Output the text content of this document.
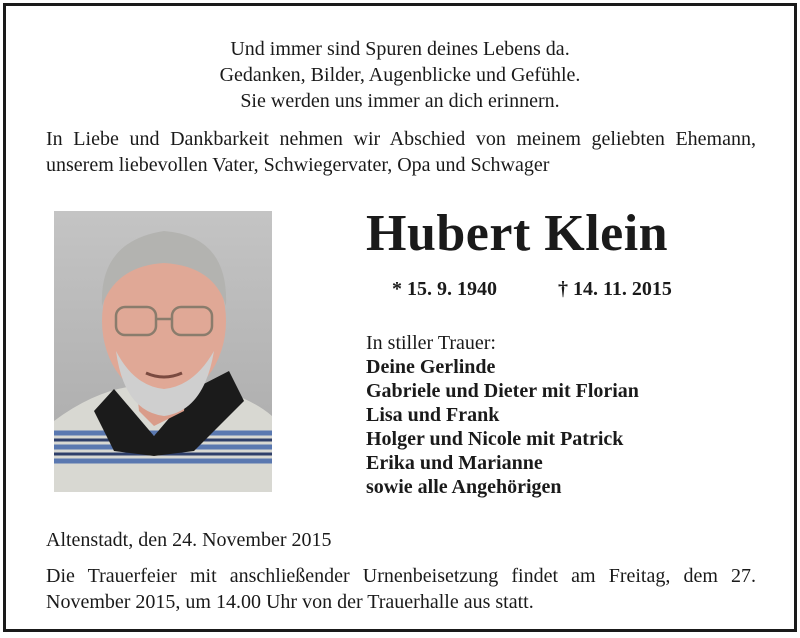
Und immer sind Spuren deines Lebens da.
Gedanken, Bilder, Augenblicke und Gefühle.
Sie werden uns immer an dich erinnern.
In Liebe und Dankbarkeit nehmen wir Abschied von meinem geliebten Ehemann, unserem liebevollen Vater, Schwiegervater, Opa und Schwager
Hubert Klein
* 15. 9. 1940	† 14. 11. 2015
In stiller Trauer:
Deine Gerlinde
Gabriele und Dieter mit Florian
Lisa und Frank
Holger und Nicole mit Patrick
Erika und Marianne
sowie alle Angehörigen
Altenstadt, den 24. November 2015
Die Trauerfeier mit anschließender Urnenbeisetzung findet am Freitag, dem 27. November 2015, um 14.00 Uhr von der Trauerhalle aus statt.
